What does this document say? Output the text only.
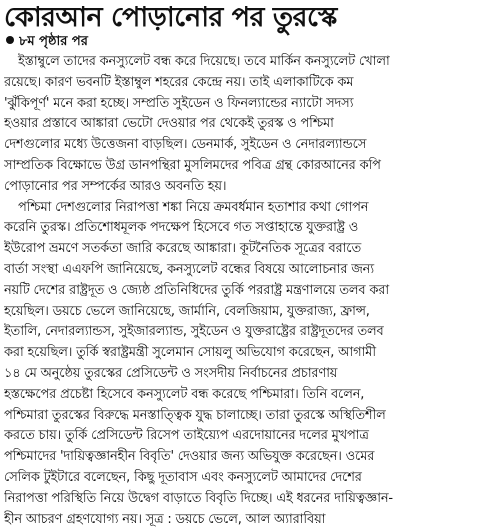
কোরআন পোড়ানোর পর তুরস্কে
৮ম পৃষ্ঠার পর
ইস্তাম্বুলে তাদের কনস্যুলেট বন্ধ করে দিয়েছে। তবে মার্কিন কনস্যুলেট খোলা
রয়েছে। কারণ ভবনটি ইস্তাম্বুল শহরের কেন্দ্রে নয়। তাই এলাকাটিকে কম
'ঝুঁকিপূর্ণ' মনে করা হচ্ছে। সম্প্রতি সুইডেন ও ফিনল্যান্ডের ন্যাটো সদস্য
হওয়ার প্রস্তাবে আঙ্কারা ভেটো দেওয়ার পর থেকেই তুরস্ক ও পশ্চিমা
দেশগুলোর মধ্যে উত্তেজনা বাড়ছিল। ডেনমার্ক, সুইডেন ও নেদারল্যান্ডসে
সাম্প্রতিক বিক্ষোভে উগ্র ডানপন্থিরা মুসলিমদের পবিত্র গ্রন্থ কোরআনের কপি
পোড়ানোর পর সম্পর্কের আরও অবনতি হয়।
পশ্চিমা দেশগুলোর নিরাপত্তা শঙ্কা নিয়ে ক্রমবর্ধমান হতাশার কথা গোপন
করেনি তুরস্ক। প্রতিশোধমূলক পদক্ষেপ হিসেবে গত সপ্তাহান্তে যুক্তরাষ্ট্র ও
ইউরোপ ভ্রমণে সতর্কতা জারি করেছে আঙ্কারা। কূটনৈতিক সূত্রের বরাতে
বার্তা সংস্থা এএফপি জানিয়েছে, কনস্যুলেট বন্ধের বিষয়ে আলোচনার জন্য
নয়টি দেশের রাষ্ট্রদূত ও জ্যেষ্ঠ প্রতিনিধিদের তুর্কি পররাষ্ট্র মন্ত্রণালয়ে তলব করা
হয়েছিল। ডয়চে ভেলে জানিয়েছে, জার্মানি, বেলজিয়াম, যুক্তরাজ্য, ফ্রান্স,
ইতালি, নেদারল্যান্ডস, সুইজারল্যান্ড, সুইডেন ও যুক্তরাষ্ট্রের রাষ্ট্রদূতদের তলব
করা হয়েছিল। তুর্কি স্বরাষ্ট্রমন্ত্রী সুলেমান সোয়লু অভিযোগ করেছেন, আগামী
১৪ মে অনুষ্ঠেয় তুরস্কের প্রেসিডেন্ট ও সংসদীয় নির্বাচনের প্রচারণায়
হস্তক্ষেপের প্রচেষ্টা হিসেবে কনস্যুলেট বন্ধ করেছে পশ্চিমারা। তিনি বলেন,
পশ্চিমারা তুরস্কের বিরুদ্ধে মনস্তাত্ত্বিক যুদ্ধ চালাচ্ছে। তারা তুরস্কে অস্থিতিশীল
করতে চায়। তুর্কি প্রেসিডেন্ট রিসেপ তাইয়্যেপ এরদোয়ানের দলের মুখপাত্র
পশ্চিমাদের 'দায়িত্বজ্ঞানহীন বিবৃতি' দেওয়ার জন্য অভিযুক্ত করেছেন। ওমের
সেলিক টুইটারে বলেছেন, কিছু দূতাবাস এবং কনস্যুলেট আমাদের দেশের
নিরাপত্তা পরিস্থিতি নিয়ে উদ্বেগ বাড়াতে বিবৃতি দিচ্ছে। এই ধরনের দায়িত্বজ্ঞান-
হীন আচরণ গ্রহণযোগ্য নয়। সূত্র : ডয়চে ভেলে, আল অ্যারাবিয়া
